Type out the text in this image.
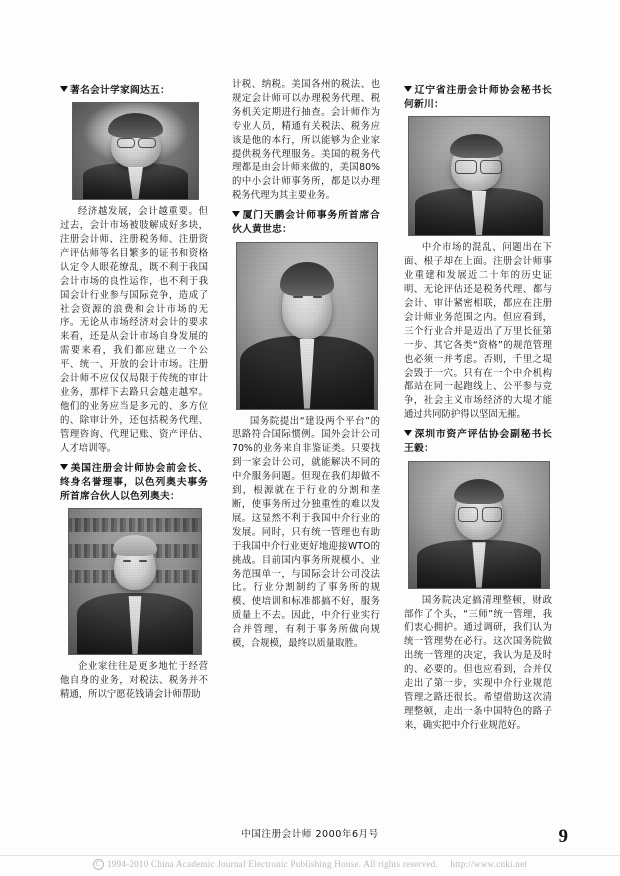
著名会计学家阎达五：

经济越发展，会计越重要。但过去，会计市场被肢解成好多块，注册会计师、注册税务师、注册资产评估师等名目繁多的证书和资格认定令人眼花缭乱，既不利于我国会计市场的良性运作，也不利于我国会计行业参与国际竞争，造成了社会资源的浪费和会计市场的无序。无论从市场经济对会计的要求来看，还是从会计市场自身发展的需要来看，我们都应建立一个公平、统一、开放的会计市场。注册会计师不应仅仅局限于传统的审计业务，那样下去路只会越走越窄。他们的业务应当是多元的、多方位的、除审计外，还包括税务代理、管理咨询、代理记账、资产评估、人才培训等。

美国注册会计师协会前会长、终身名誉理事，以色列奥夫事务所首席合伙人以色列奥夫：

企业家往往是更多地忙于经营他自身的业务，对税法、税务并不精通，所以宁愿花钱请会计师帮助

计税、纳税。美国各州的税法、也规定会计师可以办理税务代理、税务机关定期进行抽查。会计师作为专业人员，精通有关税法、税务应该是他的本行，所以能够为企业家提供税务代理服务。美国的税务代理都是由会计师来做的，美国80%的中小会计师事务所，都是以办理税务代理为其主要业务。

厦门天鹏会计师事务所首席合伙人黄世忠：

国务院提出“建设两个平台”的思路符合国际惯例。国外会计公司70%的业务来自非鉴证类。只要找到一家会计公司，就能解决不同的中介服务问题。但现在我们却做不到，根源就在于行业的分割和垄断，使事务所过分独重性的难以发展。这显然不利于我国中介行业的发展。同时，只有统一管理也有助于我国中介行业更好地迎接WTO的挑战。目前国内事务所规模小、业务范围单一，与国际会计公司没法比。行业分割制约了事务所的规模、使培训和标准都搞不好，服务质量上不去。因此，中介行业实行合并管理，有利于事务所做向规模，合规模，最终以质量取胜。

辽宁省注册会计师协会秘书长何新川：

中介市场的混乱、问题出在下面、根子却在上面。注册会计师事业重建和发展近二十年的历史证明、无论评估还是税务代理、都与会计、审计紧密相联，都应在注册会计师业务范围之内。但应看到，三个行业合并是迈出了万里长征第一步、其它各类“资格”的规范管理也必须一并考虑。否则，千里之堤会毁于一穴。只有在一个中介机构都站在同一起跑线上、公平参与竞争，社会主义市场经济的大堤才能通过共同防护得以坚固无摧。

深圳市资产评估协会副秘书长王毅：

国务院决定搞清理整顿，财政部作了个头，“三师”统一管理，我们衷心拥护。通过调研，我们认为统一管理势在必行。这次国务院做出统一管理的决定，我认为是及时的、必要的。但也应看到，合并仅走出了第一步，实现中介行业规范管理之路还很长。希望借助这次清理整顿，走出一条中国特色的路子来，确实把中介行业规范好。

中国注册会计师 2000年6月号	9
C 1994-2010 China Academic Journal Electronic Publishing House. All rights reserved. http://www.cnki.net
